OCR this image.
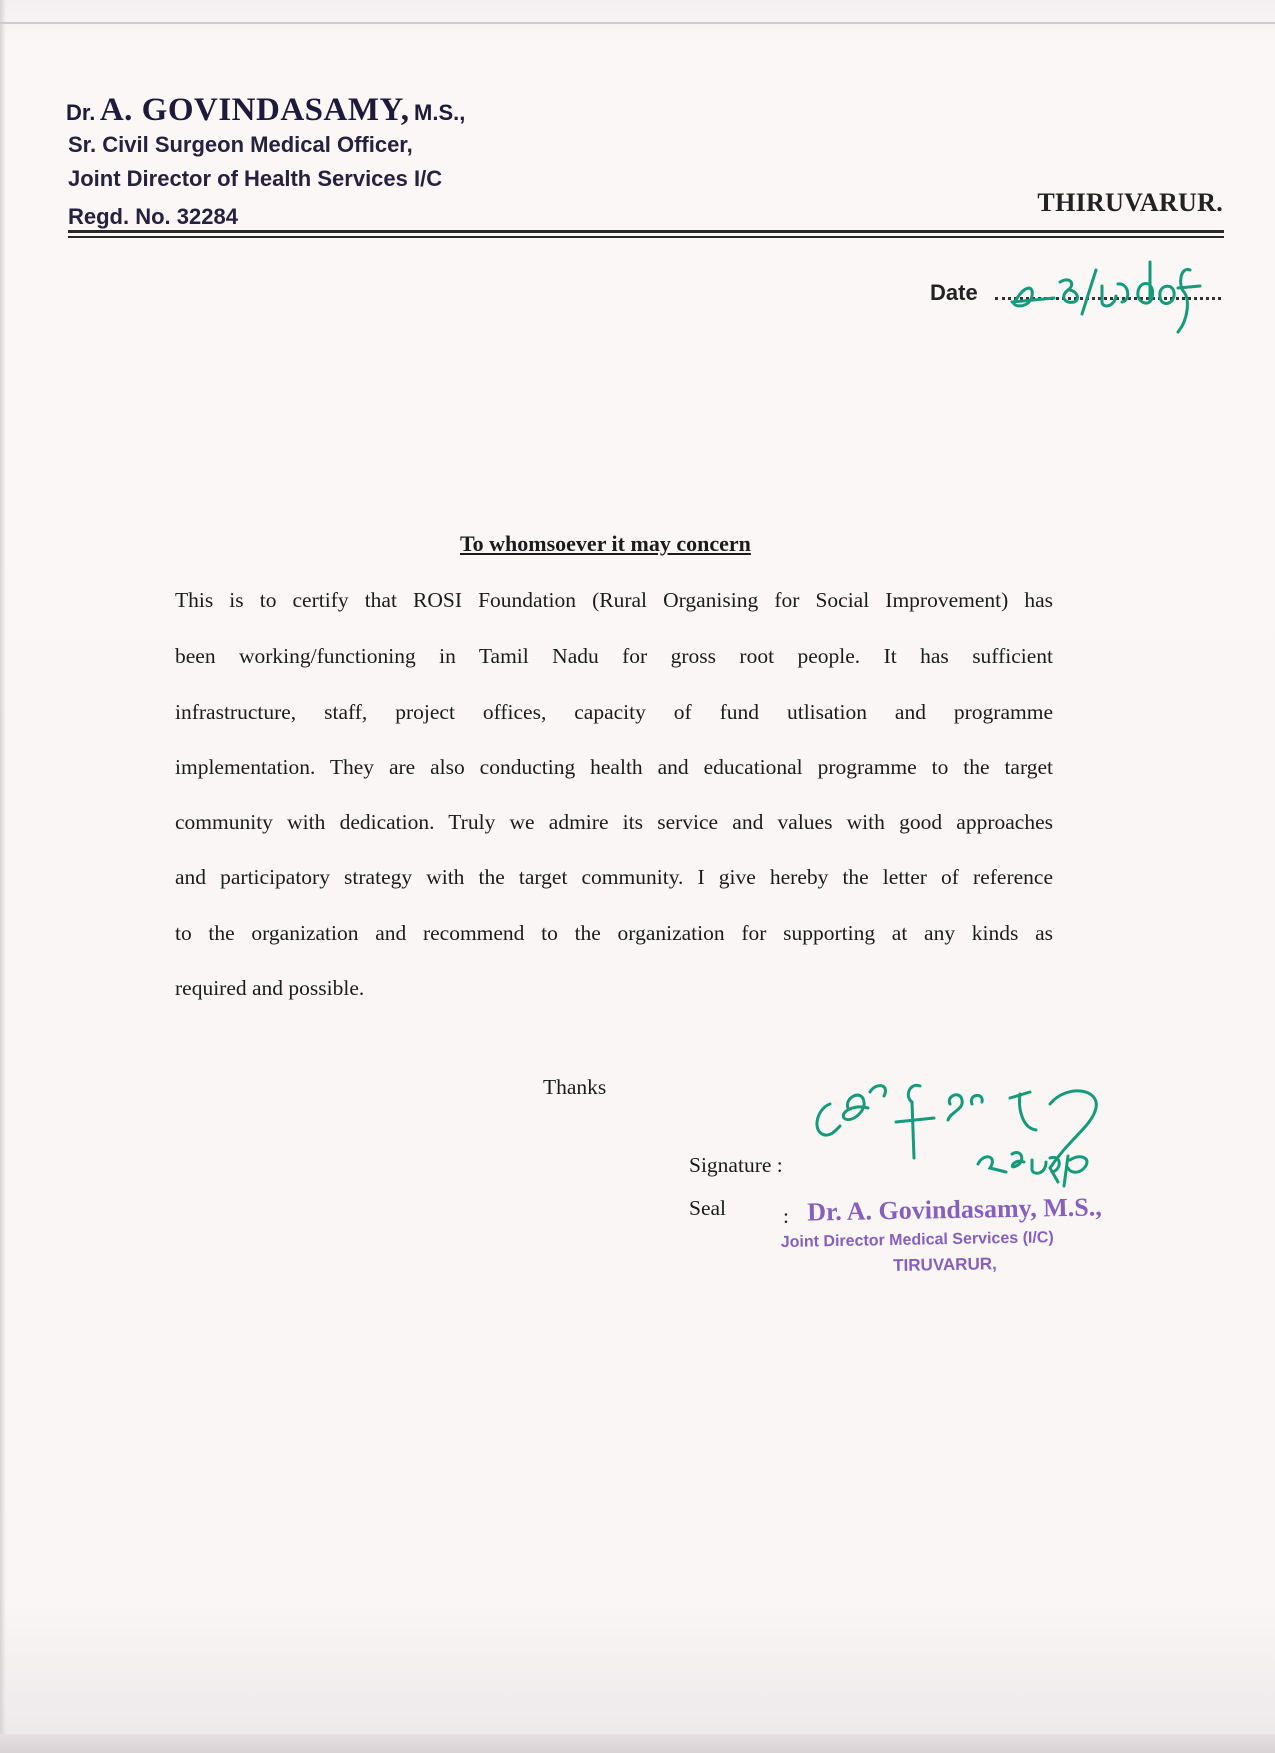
Dr. A. GOVINDASAMY, M.S.,
Sr. Civil Surgeon Medical Officer,
Joint Director of Health Services I/C
Regd. No. 32284	THIRUVARUR.
Date
To whomsoever it may concern
This is to certify that ROSI Foundation (Rural Organising for Social Improvement) has
been working/functioning in Tamil Nadu for gross root people. It has sufficient
infrastructure, staff, project offices, capacity of fund utlisation and programme
implementation. They are also conducting health and educational programme to the target
community with dedication. Truly we admire its service and values with good approaches
and participatory strategy with the target community. I give hereby the letter of reference
to the organization and recommend to the organization for supporting at any kinds as
required and possible.
Thanks
Signature :
Seal	: Dr. A. Govindasamy, M.S.,
Joint Director Medical Services (I/C)
TIRUVARUR,
